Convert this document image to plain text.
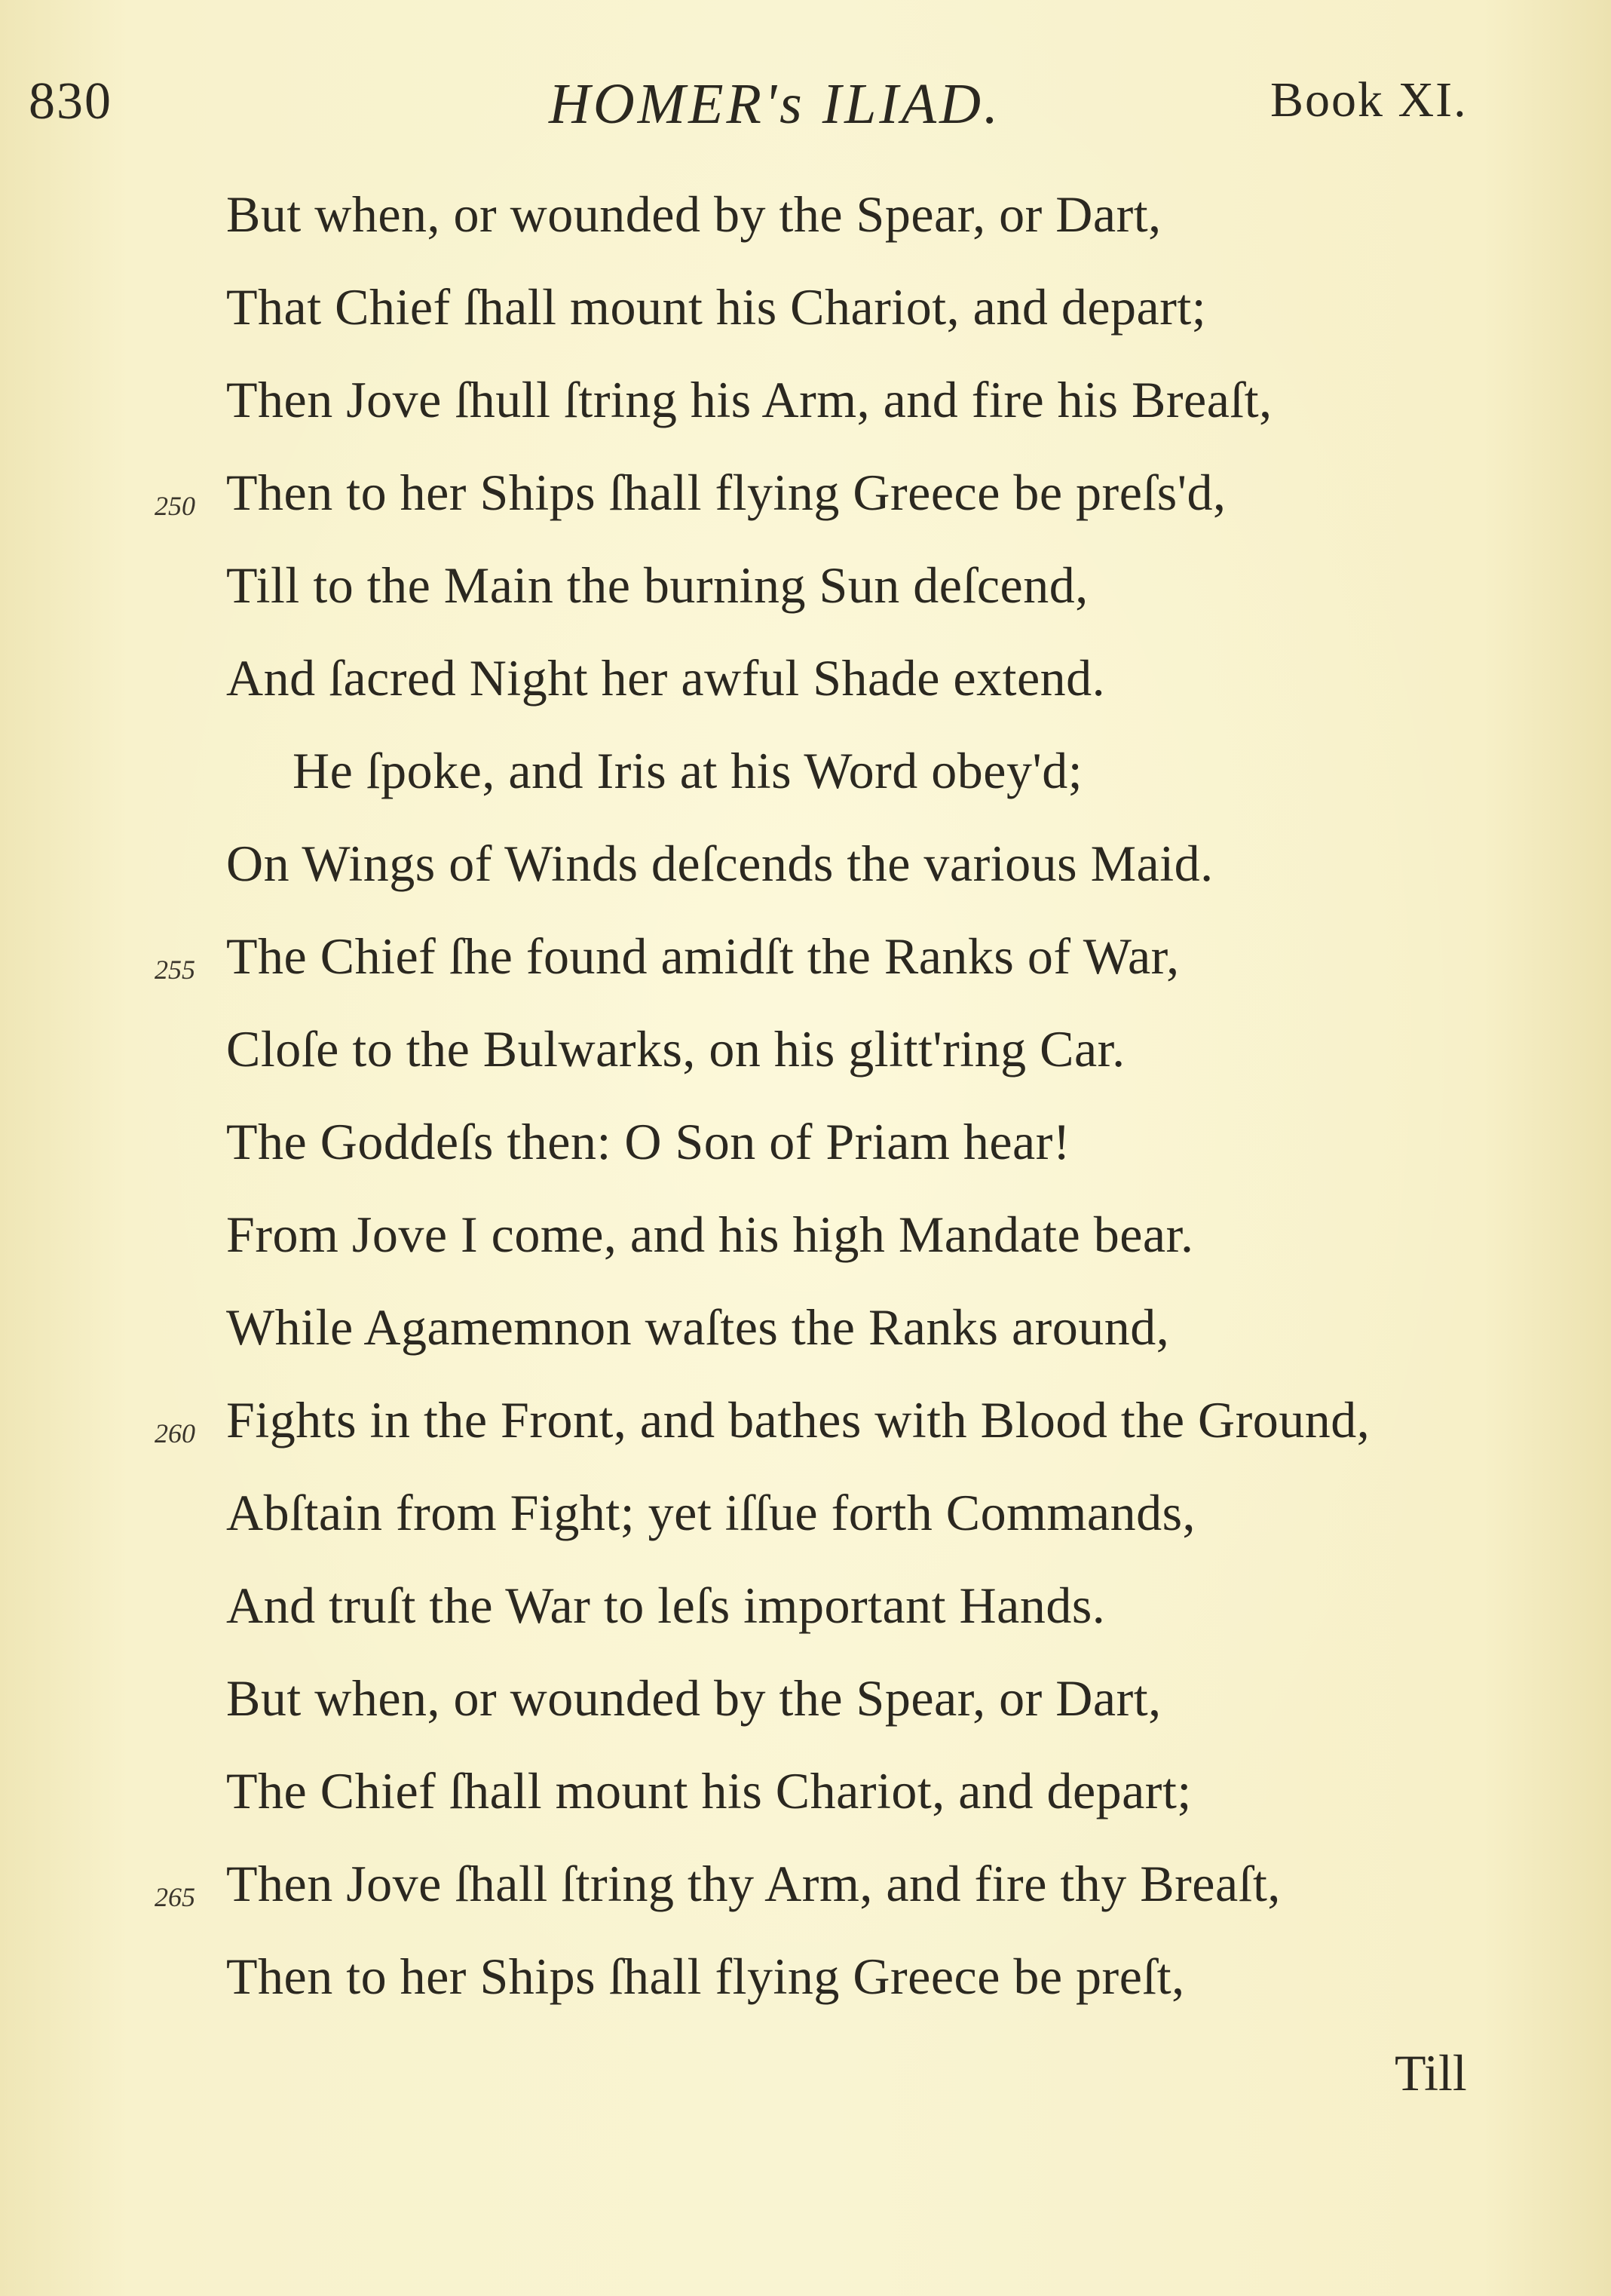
830	HOMER's ILIAD.	Book XI.
But when, or wounded by the Spear, or Dart,
That Chief ſhall mount his Chariot, and depart;
Then Jove ſhull ſtring his Arm, and fire his Breaſt,
250 Then to her Ships ſhall flying Greece be preſs'd,
Till to the Main the burning Sun deſcend,
And ſacred Night her awful Shade extend.
He ſpoke, and Iris at his Word obey'd;
On Wings of Winds deſcends the various Maid.
255 The Chief ſhe found amidſt the Ranks of War,
Cloſe to the Bulwarks, on his glitt'ring Car.
The Goddeſs then: O Son of Priam hear!
From Jove I come, and his high Mandate bear.
While Agamemnon waſtes the Ranks around,
260 Fights in the Front, and bathes with Blood the Ground,
Abſtain from Fight; yet iſſue forth Commands,
And truſt the War to leſs important Hands.
But when, or wounded by the Spear, or Dart,
The Chief ſhall mount his Chariot, and depart;
265 Then Jove ſhall ſtring thy Arm, and fire thy Breaſt,
Then to her Ships ſhall flying Greece be preſt,
Till
